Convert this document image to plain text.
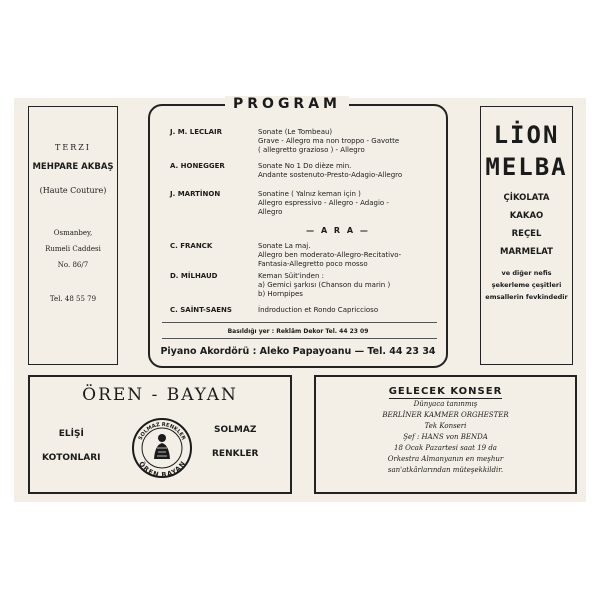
TERZI
MEHPARE AKBAŞ
(Haute Couture)
Osmanbey,
Rumeli Caddesi
No. 86/7
Tel. 48 55 79
PROGRAM
J. M. LECLAIR	Sonate (Le Tombeau)
Grave - Allegro ma non troppo - Gavotte
( allegretto grazioso ) - Allegro
A. HONEGGER	Sonate No 1 Do dièze min.
Andante sostenuto-Presto-Adagio-Allegro
J. MARTİNON	Sonatine ( Yalnız keman için )
Allegro espressivo - Allegro - Adagio -
Allegro
— A R A —
C. FRANCK	Sonate La maj.
Allegro ben moderato-Allegro-Recitativo-
Fantasia-Allegretto poco mosso
D. MİLHAUD	Keman Süit'inden :
a) Gemici şarkısı (Chanson du marin )
b) Hornpipes
C. SAİNT-SAENS	İndroduction et Rondo Capriccioso
Basıldığı yer : Reklâm Dekor Tel. 44 23 09
Piyano Akordörü : Aleko Papayoanu — Tel. 44 23 34
LİON
MELBA
ÇİKOLATA
KAKAO
REÇEL
MARMELAT
ve diğer nefis
şekerleme çeşitleri
emsallerin fevkindedir
ÖREN - BAYAN
ELİŞİ
KOTONLARI
SOLMAZ RENKLER
ÖREN BAYAN
SOLMAZ
RENKLER
GELECEK KONSER
Dünyaca tanınmış
BERLİNER KAMMER ORGHESTER
Tek Konseri
Şef : HANS von BENDA
18 Ocak Pazartesi saat 19 da
Orkestra Almanyanın en meşhur
san'atkârlarından müteşekkildir.
